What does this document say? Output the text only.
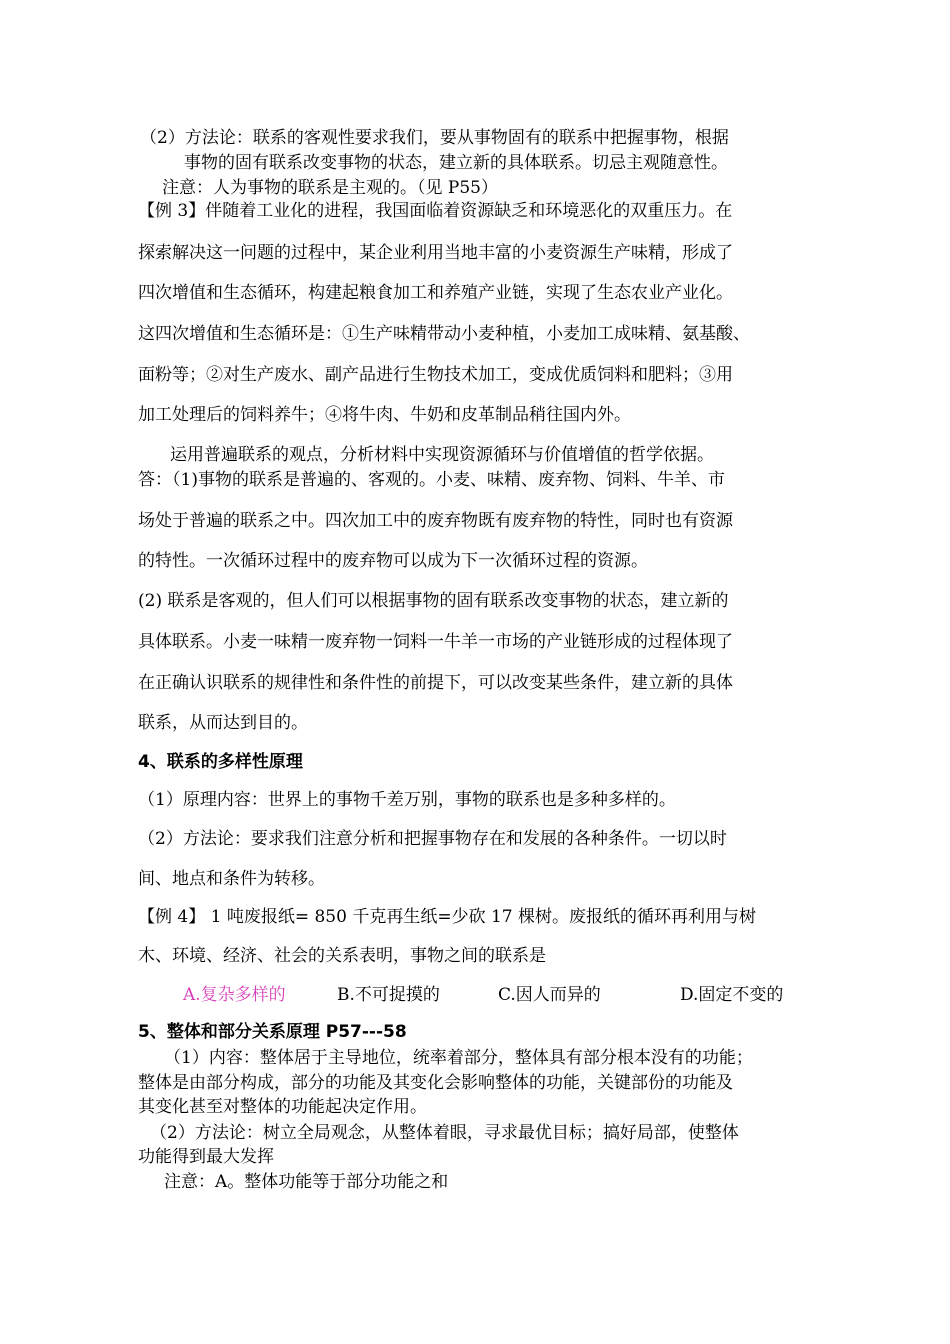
（2）方法论：联系的客观性要求我们，要从事物固有的联系中把握事物，根据
事物的固有联系改变事物的状态，建立新的具体联系。切忌主观随意性。
注意：人为事物的联系是主观的。（见 P55）
【例 3】伴随着工业化的进程，我国面临着资源缺乏和环境恶化的双重压力。在
探索解决这一问题的过程中，某企业利用当地丰富的小麦资源生产味精，形成了
四次增值和生态循环，构建起粮食加工和养殖产业链，实现了生态农业产业化。
这四次增值和生态循环是：①生产味精带动小麦种植，小麦加工成味精、氨基酸、
面粉等；②对生产废水、副产品进行生物技术加工，变成优质饲料和肥料；③用
加工处理后的饲料养牛；④将牛肉、牛奶和皮革制品稍往国内外。
运用普遍联系的观点，分析材料中实现资源循环与价值增值的哲学依据。
答：（1)事物的联系是普遍的、客观的。小麦、味精、废弃物、饲料、牛羊、市
场处于普遍的联系之中。四次加工中的废弃物既有废弃物的特性，同时也有资源
的特性。一次循环过程中的废弃物可以成为下一次循环过程的资源。
(2) 联系是客观的，但人们可以根据事物的固有联系改变事物的状态，建立新的
具体联系。小麦一味精一废弃物一饲料一牛羊一市场的产业链形成的过程体现了
在正确认识联系的规律性和条件性的前提下，可以改变某些条件，建立新的具体
联系，从而达到目的。
4、联系的多样性原理
（1）原理内容：世界上的事物千差万别，事物的联系也是多种多样的。
（2）方法论：要求我们注意分析和把握事物存在和发展的各种条件。一切以时
间、地点和条件为转移。
【例 4】 1 吨废报纸= 850 千克再生纸=少砍 17 棵树。废报纸的循环再利用与树
木、环境、经济、社会的关系表明，事物之间的联系是
A.复杂多样的	B.不可捉摸的	C.因人而异的	D.固定不变的
5、整体和部分关系原理 P57---58
（1）内容：整体居于主导地位，统率着部分，整体具有部分根本没有的功能；
整体是由部分构成，部分的功能及其变化会影响整体的功能，关键部份的功能及
其变化甚至对整体的功能起决定作用。
（2）方法论：树立全局观念，从整体着眼，寻求最优目标；搞好局部，使整体
功能得到最大发挥
注意：A。整体功能等于部分功能之和
